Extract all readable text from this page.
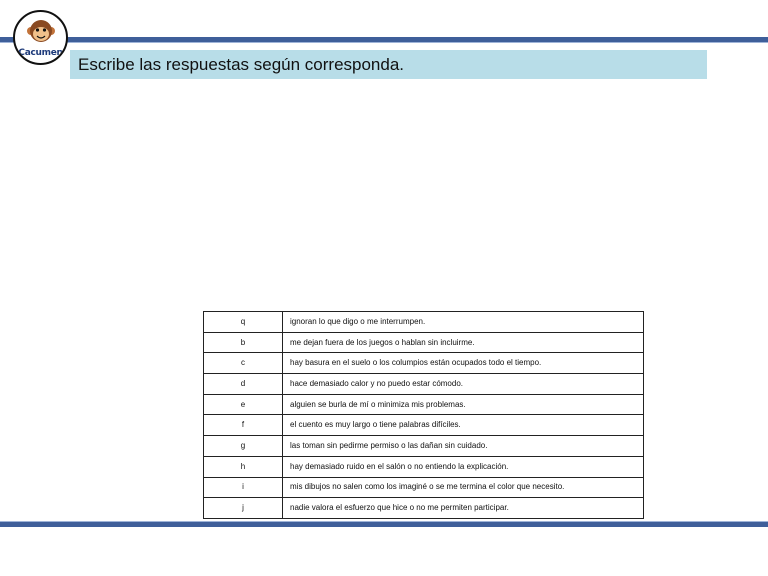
Cacumen
Escribe las respuestas según corresponda.
q	ignoran lo que digo o me interrumpen.
b	me dejan fuera de los juegos o hablan sin incluirme.
c	hay basura en el suelo o los columpios están ocupados todo el tiempo.
d	hace demasiado calor y no puedo estar cómodo.
e	alguien se burla de mí o minimiza mis problemas.
f	el cuento es muy largo o tiene palabras difíciles.
g	las toman sin pedirme permiso o las dañan sin cuidado.
h	hay demasiado ruido en el salón o no entiendo la explicación.
i	mis dibujos no salen como los imaginé o se me termina el color que necesito.
j	nadie valora el esfuerzo que hice o no me permiten participar.
